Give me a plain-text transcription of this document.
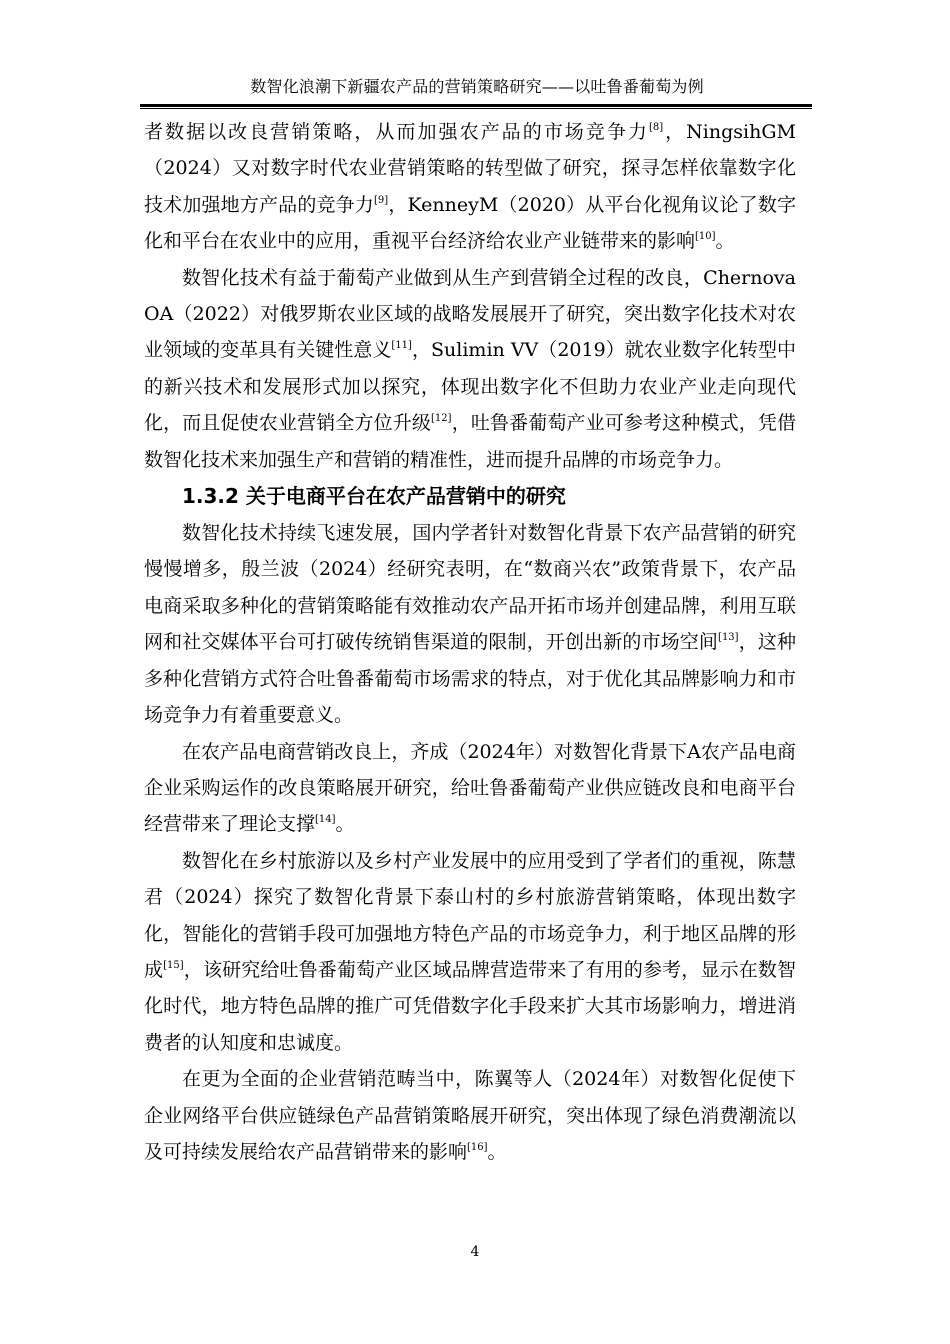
数智化浪潮下新疆农产品的营销策略研究——以吐鲁番葡萄为例

者数据以改良营销策略，从而加强农产品的市场竞争力[8]，NingsihGM（2024）又对数字时代农业营销策略的转型做了研究，探寻怎样依靠数字化技术加强地方产品的竞争力[9]，KenneyM（2020）从平台化视角议论了数字化和平台在农业中的应用，重视平台经济给农业产业链带来的影响[10]。

数智化技术有益于葡萄产业做到从生产到营销全过程的改良，Chernova OA（2022）对俄罗斯农业区域的战略发展展开了研究，突出数字化技术对农业领域的变革具有关键性意义[11]，Sulimin VV（2019）就农业数字化转型中的新兴技术和发展形式加以探究，体现出数字化不但助力农业产业走向现代化，而且促使农业营销全方位升级[12]，吐鲁番葡萄产业可参考这种模式，凭借数智化技术来加强生产和营销的精准性，进而提升品牌的市场竞争力。

1.3.2 关于电商平台在农产品营销中的研究

数智化技术持续飞速发展，国内学者针对数智化背景下农产品营销的研究慢慢增多，殷兰波（2024）经研究表明，在“数商兴农”政策背景下，农产品电商采取多种化的营销策略能有效推动农产品开拓市场并创建品牌，利用互联网和社交媒体平台可打破传统销售渠道的限制，开创出新的市场空间[13]，这种多种化营销方式符合吐鲁番葡萄市场需求的特点，对于优化其品牌影响力和市场竞争力有着重要意义。

在农产品电商营销改良上，齐成（2024年）对数智化背景下A农产品电商企业采购运作的改良策略展开研究，给吐鲁番葡萄产业供应链改良和电商平台经营带来了理论支撑[14]。

数智化在乡村旅游以及乡村产业发展中的应用受到了学者们的重视，陈慧君（2024）探究了数智化背景下泰山村的乡村旅游营销策略，体现出数字化，智能化的营销手段可加强地方特色产品的市场竞争力，利于地区品牌的形成[15]，该研究给吐鲁番葡萄产业区域品牌营造带来了有用的参考，显示在数智化时代，地方特色品牌的推广可凭借数字化手段来扩大其市场影响力，增进消费者的认知度和忠诚度。

在更为全面的企业营销范畴当中，陈翼等人（2024年）对数智化促使下企业网络平台供应链绿色产品营销策略展开研究，突出体现了绿色消费潮流以及可持续发展给农产品营销带来的影响[16]。

4
